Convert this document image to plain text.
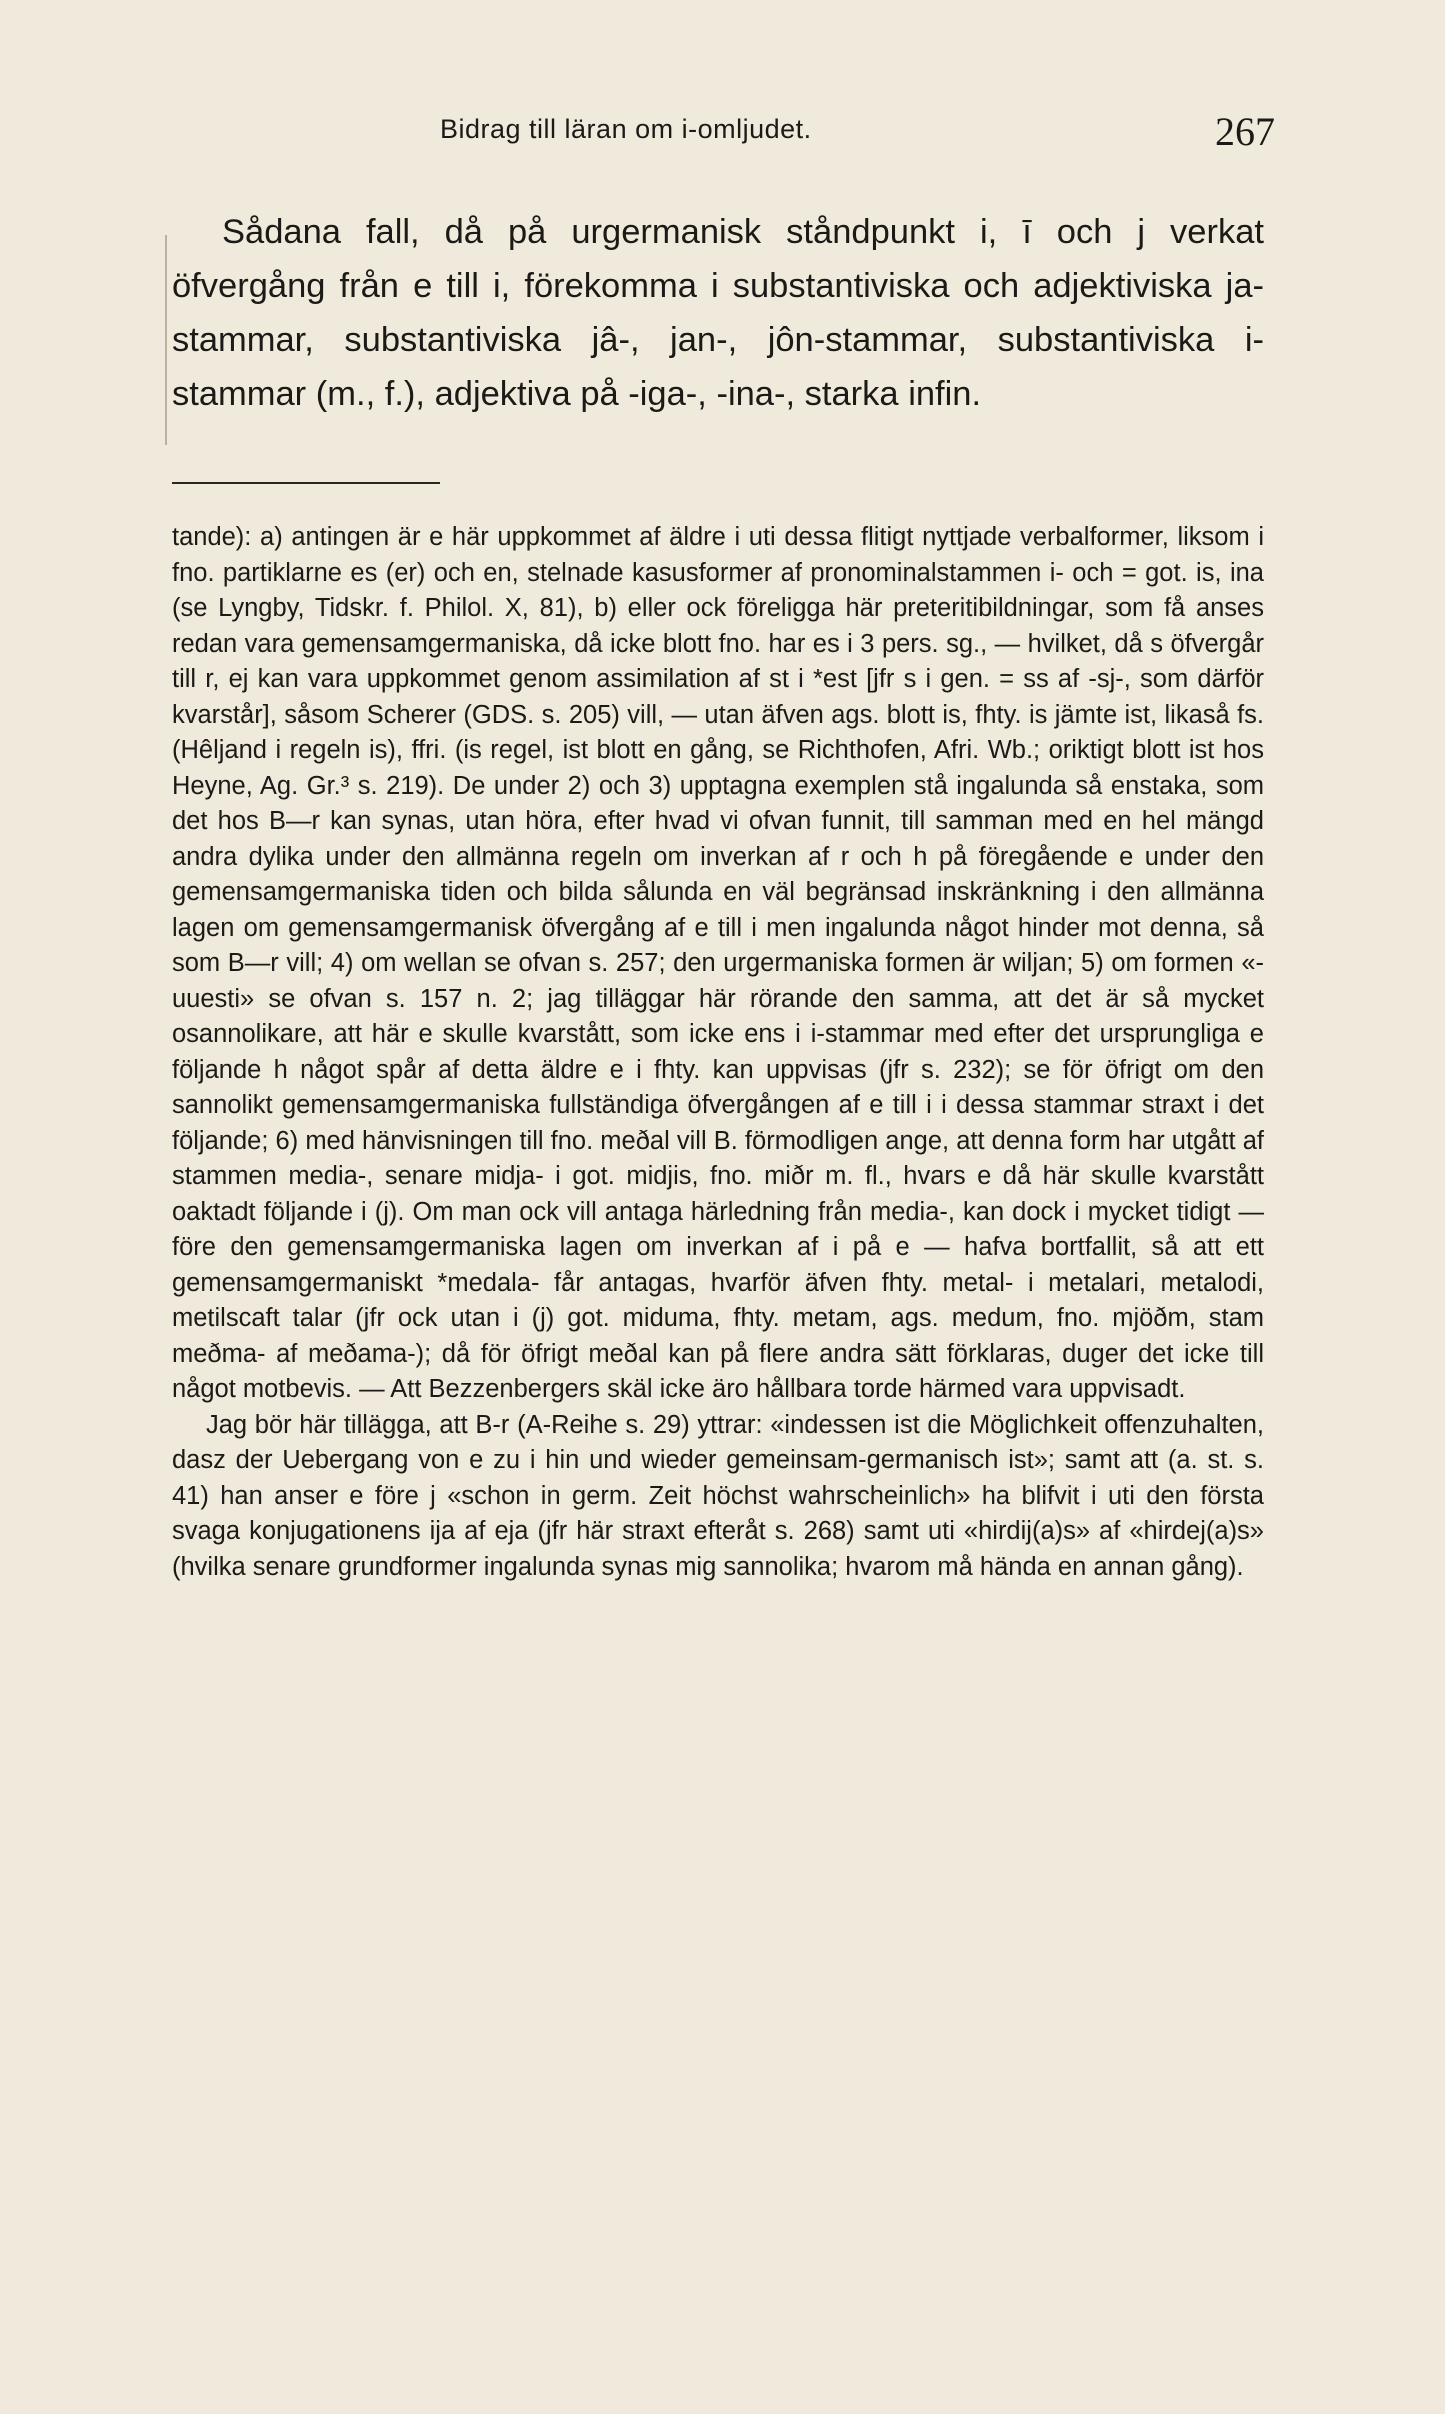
Bidrag till läran om i-omljudet.	267

Sådana fall, då på urgermanisk ståndpunkt i, ī och j verkat öfvergång från e till i, förekomma i substantiviska och adjektiviska ja-stammar, substantiviska jâ-, jan-, jôn-stammar, substantiviska i-stammar (m., f.), adjektiva på -iga-, -ina-, starka infin.

tande): a) antingen är e här uppkommet af äldre i uti dessa flitigt nyttjade verbalformer, liksom i fno. partiklarne es (er) och en, stelnade kasusformer af pronominalstammen i- och = got. is, ina (se Lyngby, Tidskr. f. Philol. X, 81), b) eller ock föreligga här preteritibildningar, som få anses redan vara gemensamgermaniska, då icke blott fno. har es i 3 pers. sg., — hvilket, då s öfvergår till r, ej kan vara uppkommet genom assimilation af st i *est [jfr s i gen. = ss af -sj-, som därför kvarstår], såsom Scherer (GDS. s. 205) vill, — utan äfven ags. blott is, fhty. is jämte ist, likaså fs. (Hêljand i regeln is), ffri. (is regel, ist blott en gång, se Richthofen, Afri. Wb.; oriktigt blott ist hos Heyne, Ag. Gr.³ s. 219). De under 2) och 3) upptagna exemplen stå ingalunda så enstaka, som det hos B—r kan synas, utan höra, efter hvad vi ofvan funnit, till samman med en hel mängd andra dylika under den allmänna regeln om inverkan af r och h på föregående e under den gemensamgermaniska tiden och bilda sålunda en väl begränsad inskränkning i den allmänna lagen om gemensamgermanisk öfvergång af e till i men ingalunda något hinder mot denna, så som B—r vill; 4) om wellan se ofvan s. 257; den urgermaniska formen är wiljan; 5) om formen «-uuesti» se ofvan s. 157 n. 2; jag tilläggar här rörande den samma, att det är så mycket osannolikare, att här e skulle kvarstått, som icke ens i i-stammar med efter det ursprungliga e följande h något spår af detta äldre e i fhty. kan uppvisas (jfr s. 232); se för öfrigt om den sannolikt gemensamgermaniska fullständiga öfvergången af e till i i dessa stammar straxt i det följande; 6) med hänvisningen till fno. meðal vill B. förmodligen ange, att denna form har utgått af stammen media-, senare midja- i got. midjis, fno. miðr m. fl., hvars e då här skulle kvarstått oaktadt följande i (j). Om man ock vill antaga härledning från media-, kan dock i mycket tidigt — före den gemensamgermaniska lagen om inverkan af i på e — hafva bortfallit, så att ett gemensamgermaniskt *medala- får antagas, hvarför äfven fhty. metal- i metalari, metalodi, metilscaft talar (jfr ock utan i (j) got. miduma, fhty. metam, ags. medum, fno. mjöðm, stam meðma- af meðama-); då för öfrigt meðal kan på flere andra sätt förklaras, duger det icke till något motbevis. — Att Bezzenbergers skäl icke äro hållbara torde härmed vara uppvisadt.

Jag bör här tillägga, att B-r (A-Reihe s. 29) yttrar: «indessen ist die Möglichkeit offenzuhalten, dasz der Uebergang von e zu i hin und wieder gemeinsam-germanisch ist»; samt att (a. st. s. 41) han anser e före j «schon in germ. Zeit höchst wahrscheinlich» ha blifvit i uti den första svaga konjugationens ija af eja (jfr här straxt efteråt s. 268) samt uti «hirdij(a)s» af «hirdej(a)s» (hvilka senare grundformer ingalunda synas mig sannolika; hvarom må hända en annan gång).
